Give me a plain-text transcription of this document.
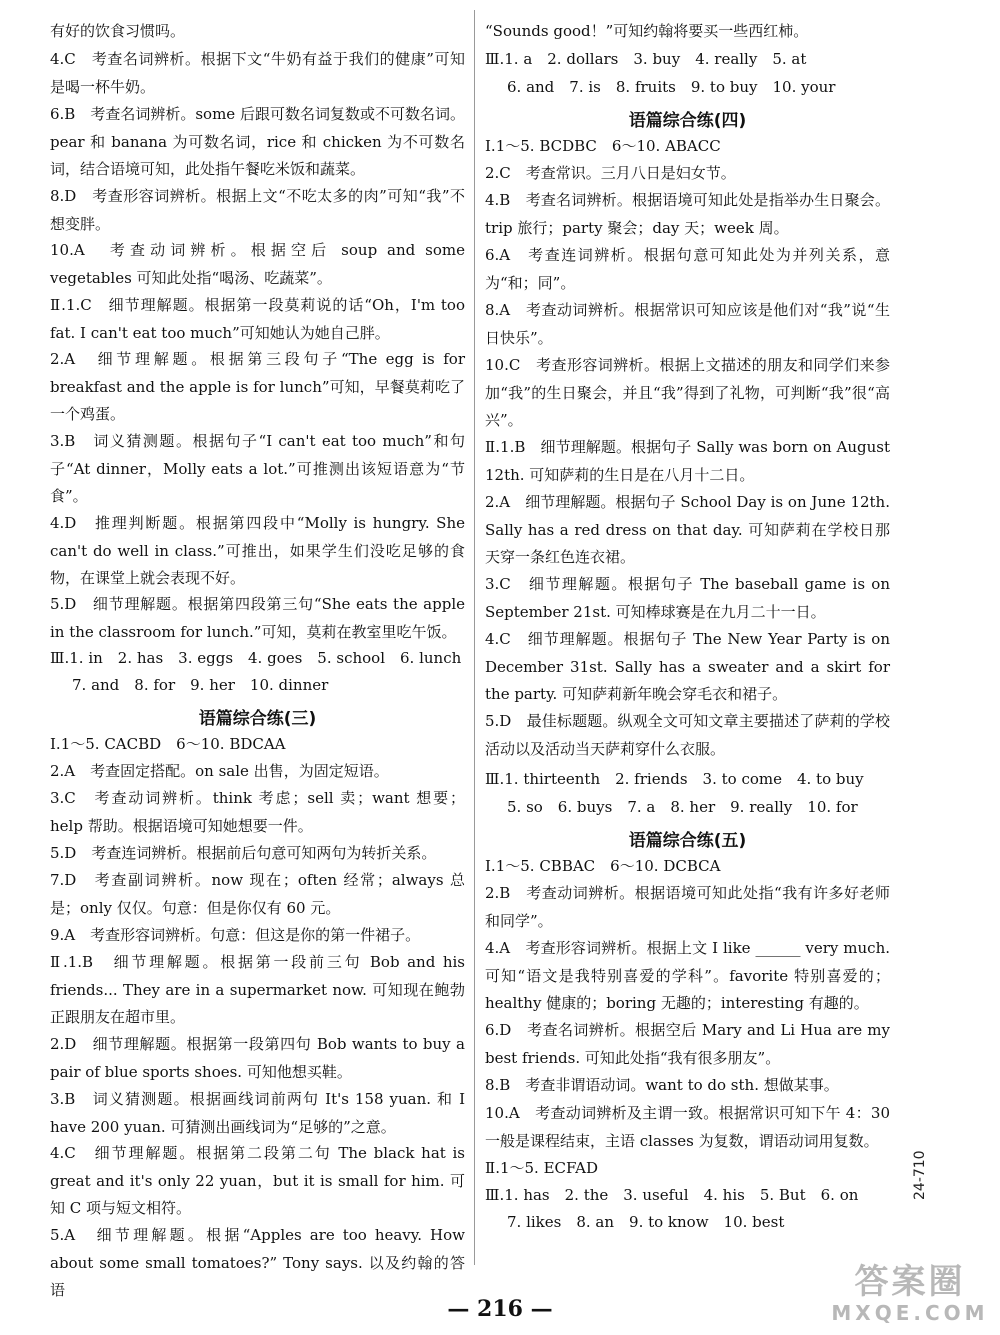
有好的饮食习惯吗。
4.C　考查名词辨析。根据下文“牛奶有益于我们的健康”可知是喝一杯牛奶。
6.B　考查名词辨析。some 后跟可数名词复数或不可数名词。pear 和 banana 为可数名词，rice 和 chicken 为不可数名词，结合语境可知，此处指午餐吃米饭和蔬菜。
8.D　考查形容词辨析。根据上文“不吃太多的肉”可知“我”不想变胖。
10.A　考查动词辨析。根据空后 soup and some vegetables 可知此处指“喝汤、吃蔬菜”。
Ⅱ.1.C　细节理解题。根据第一段莫莉说的话“Oh，I'm too fat. I can't eat too much”可知她认为她自己胖。
2.A　细节理解题。根据第三段句子“The egg is for breakfast and the apple is for lunch”可知，早餐莫莉吃了一个鸡蛋。
3.B　词义猜测题。根据句子“I can't eat too much”和句子“At dinner，Molly eats a lot.”可推测出该短语意为“节食”。
4.D　推理判断题。根据第四段中“Molly is hungry. She can't do well in class.”可推出，如果学生们没吃足够的食物，在课堂上就会表现不好。
5.D　细节理解题。根据第四段第三句“She eats the apple in the classroom for lunch.”可知，莫莉在教室里吃午饭。
Ⅲ.1. in　2. has　3. eggs　4. goes　5. school　6. lunch
7. and　8. for　9. her　10. dinner
语篇综合练(三)
Ⅰ.1～5. CACBD　6～10. BDCAA
2.A　考查固定搭配。on sale 出售，为固定短语。
3.C　考查动词辨析。think 考虑；sell 卖；want 想要；help 帮助。根据语境可知她想要一件。
5.D　考查连词辨析。根据前后句意可知两句为转折关系。
7.D　考查副词辨析。now 现在；often 经常；always 总是；only 仅仅。句意：但是你仅有 60 元。
9.A　考查形容词辨析。句意：但这是你的第一件裙子。
Ⅱ.1.B　细节理解题。根据第一段前三句 Bob and his friends... They are in a supermarket now. 可知现在鲍勃正跟朋友在超市里。
2.D　细节理解题。根据第一段第四句 Bob wants to buy a pair of blue sports shoes. 可知他想买鞋。
3.B　词义猜测题。根据画线词前两句 It's 158 yuan. 和 I have 200 yuan. 可猜测出画线词为“足够的”之意。
4.C　细节理解题。根据第二段第二句 The black hat is great and it's only 22 yuan，but it is small for him. 可知 C 项与短文相符。
5.A　细节理解题。根据“Apples are too heavy. How about some small tomatoes?” Tony says. 以及约翰的答语
“Sounds good！”可知约翰将要买一些西红柿。
Ⅲ.1. a　2. dollars　3. buy　4. really　5. at
6. and　7. is　8. fruits　9. to buy　10. your
语篇综合练(四)
Ⅰ.1～5. BCDBC　6～10. ABACC
2.C　考查常识。三月八日是妇女节。
4.B　考查名词辨析。根据语境可知此处是指举办生日聚会。trip 旅行；party 聚会；day 天；week 周。
6.A　考查连词辨析。根据句意可知此处为并列关系，意为“和；同”。
8.A　考查动词辨析。根据常识可知应该是他们对“我”说“生日快乐”。
10.C　考查形容词辨析。根据上文描述的朋友和同学们来参加“我”的生日聚会，并且“我”得到了礼物，可判断“我”很“高兴”。
Ⅱ.1.B　细节理解题。根据句子 Sally was born on August 12th. 可知萨莉的生日是在八月十二日。
2.A　细节理解题。根据句子 School Day is on June 12th. Sally has a red dress on that day. 可知萨莉在学校日那天穿一条红色连衣裙。
3.C　细节理解题。根据句子 The baseball game is on September 21st. 可知棒球赛是在九月二十一日。
4.C　细节理解题。根据句子 The New Year Party is on December 31st. Sally has a sweater and a skirt for the party. 可知萨莉新年晚会穿毛衣和裙子。
5.D　最佳标题题。纵观全文可知文章主要描述了萨莉的学校活动以及活动当天萨莉穿什么衣服。
Ⅲ.1. thirteenth　2. friends　3. to come　4. to buy
5. so　6. buys　7. a　8. her　9. really　10. for
语篇综合练(五)
Ⅰ.1～5. CBBAC　6～10. DCBCA
2.B　考查动词辨析。根据语境可知此处指“我有许多好老师和同学”。
4.A　考查形容词辨析。根据上文 I like ______ very much. 可知“语文是我特别喜爱的学科”。favorite 特别喜爱的；healthy 健康的；boring 无趣的；interesting 有趣的。
6.D　考查名词辨析。根据空后 Mary and Li Hua are my best friends. 可知此处指“我有很多朋友”。
8.B　考查非谓语动词。want to do sth. 想做某事。
10.A　考查动词辨析及主谓一致。根据常识可知下午 4：30 一般是课程结束，主语 classes 为复数，谓语动词用复数。
Ⅱ.1～5. ECFAD
Ⅲ.1. has　2. the　3. useful　4. his　5. But　6. on
7. likes　8. an　9. to know　10. best
— 216 —
24-710
答案圈
MXQE.COM
